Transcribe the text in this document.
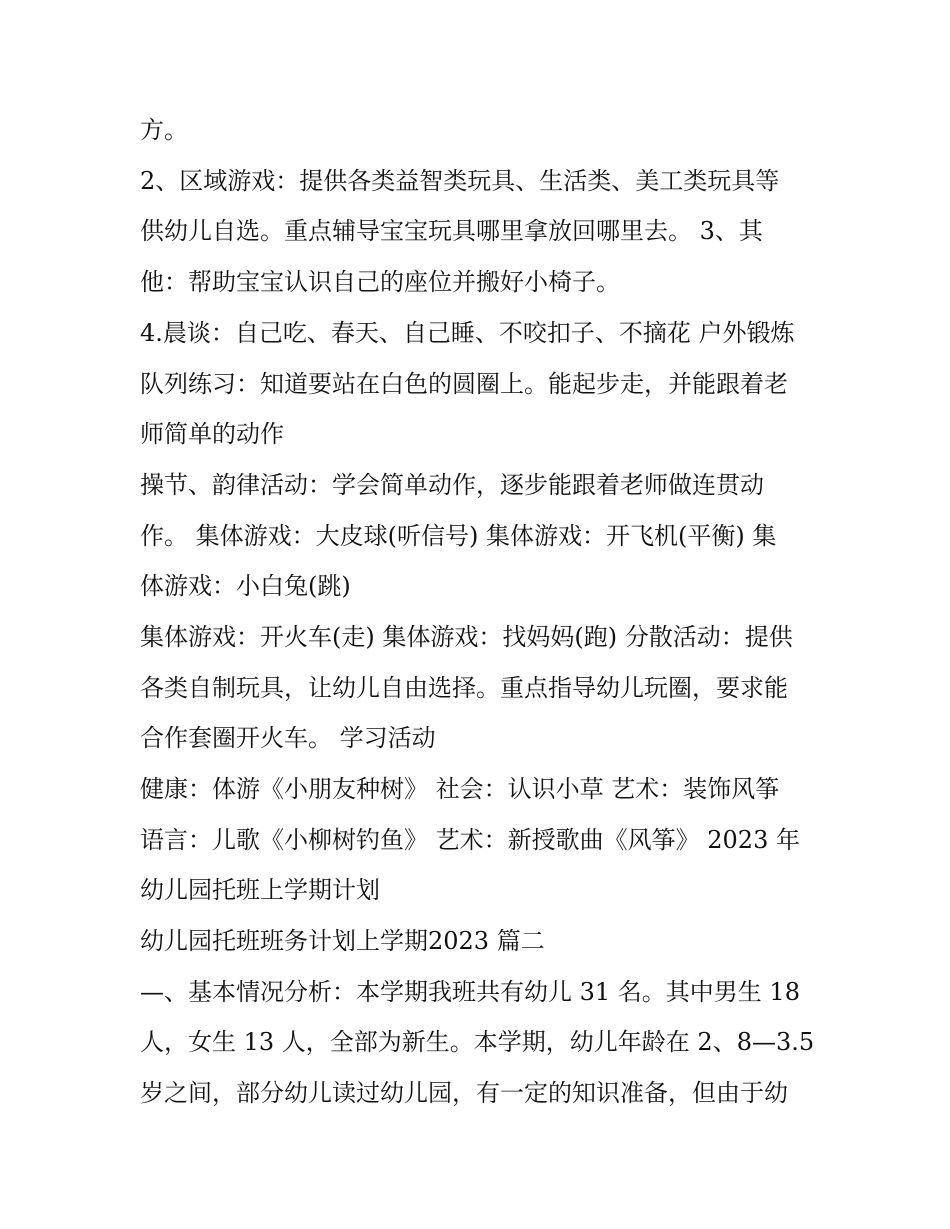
方。
2、区域游戏：提供各类益智类玩具、生活类、美工类玩具等
供幼儿自选。重点辅导宝宝玩具哪里拿放回哪里去。 3、其
他：帮助宝宝认识自己的座位并搬好小椅子。
4.晨谈：自己吃、春天、自己睡、不咬扣子、不摘花 户外锻炼
队列练习：知道要站在白色的圆圈上。能起步走，并能跟着老
师简单的动作
操节、韵律活动：学会简单动作，逐步能跟着老师做连贯动
作。 集体游戏：大皮球(听信号) 集体游戏：开飞机(平衡) 集
体游戏：小白兔(跳)
集体游戏：开火车(走) 集体游戏：找妈妈(跑) 分散活动：提供
各类自制玩具，让幼儿自由选择。重点指导幼儿玩圈，要求能
合作套圈开火车。 学习活动
健康：体游《小朋友种树》 社会：认识小草 艺术：装饰风筝
语言：儿歌《小柳树钓鱼》 艺术：新授歌曲《风筝》 2023 年
幼儿园托班上学期计划
幼儿园托班班务计划上学期2023 篇二
—、基本情况分析：本学期我班共有幼儿 31 名。其中男生 18
人，女生 13 人，全部为新生。本学期，幼儿年龄在 2、8—3.5
岁之间，部分幼儿读过幼儿园，有一定的知识准备，但由于幼
